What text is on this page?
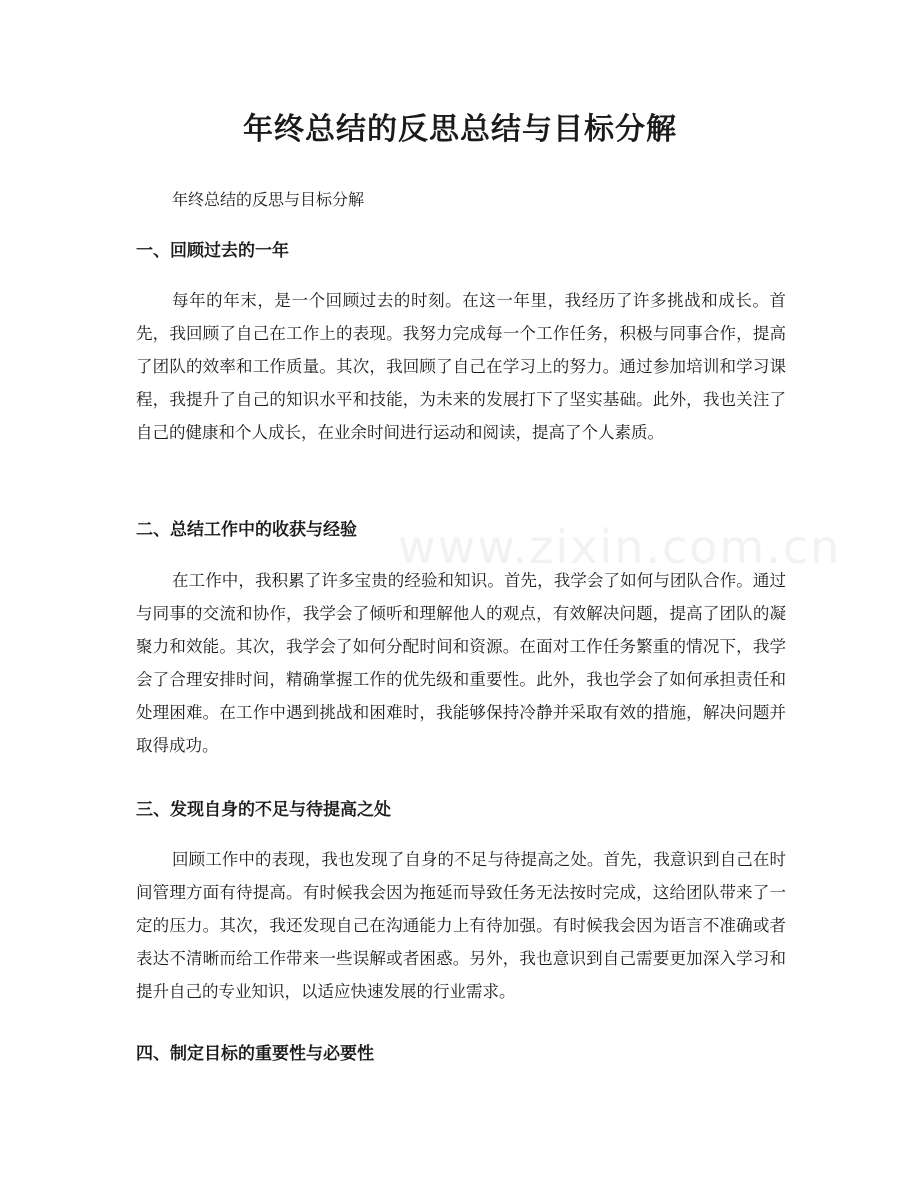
www.zixin.com.cn
年终总结的反思总结与目标分解

年终总结的反思与目标分解

一、回顾过去的一年

每年的年末，是一个回顾过去的时刻。在这一年里，我经历了许多挑战和成长。首先，我回顾了自己在工作上的表现。我努力完成每一个工作任务，积极与同事合作，提高了团队的效率和工作质量。其次，我回顾了自己在学习上的努力。通过参加培训和学习课程，我提升了自己的知识水平和技能，为未来的发展打下了坚实基础。此外，我也关注了自己的健康和个人成长，在业余时间进行运动和阅读，提高了个人素质。

二、总结工作中的收获与经验

在工作中，我积累了许多宝贵的经验和知识。首先，我学会了如何与团队合作。通过与同事的交流和协作，我学会了倾听和理解他人的观点，有效解决问题，提高了团队的凝聚力和效能。其次，我学会了如何分配时间和资源。在面对工作任务繁重的情况下，我学会了合理安排时间，精确掌握工作的优先级和重要性。此外，我也学会了如何承担责任和处理困难。在工作中遇到挑战和困难时，我能够保持冷静并采取有效的措施，解决问题并取得成功。

三、发现自身的不足与待提高之处

回顾工作中的表现，我也发现了自身的不足与待提高之处。首先，我意识到自己在时间管理方面有待提高。有时候我会因为拖延而导致任务无法按时完成，这给团队带来了一定的压力。其次，我还发现自己在沟通能力上有待加强。有时候我会因为语言不准确或者表达不清晰而给工作带来一些误解或者困惑。另外，我也意识到自己需要更加深入学习和提升自己的专业知识，以适应快速发展的行业需求。

四、制定目标的重要性与必要性
